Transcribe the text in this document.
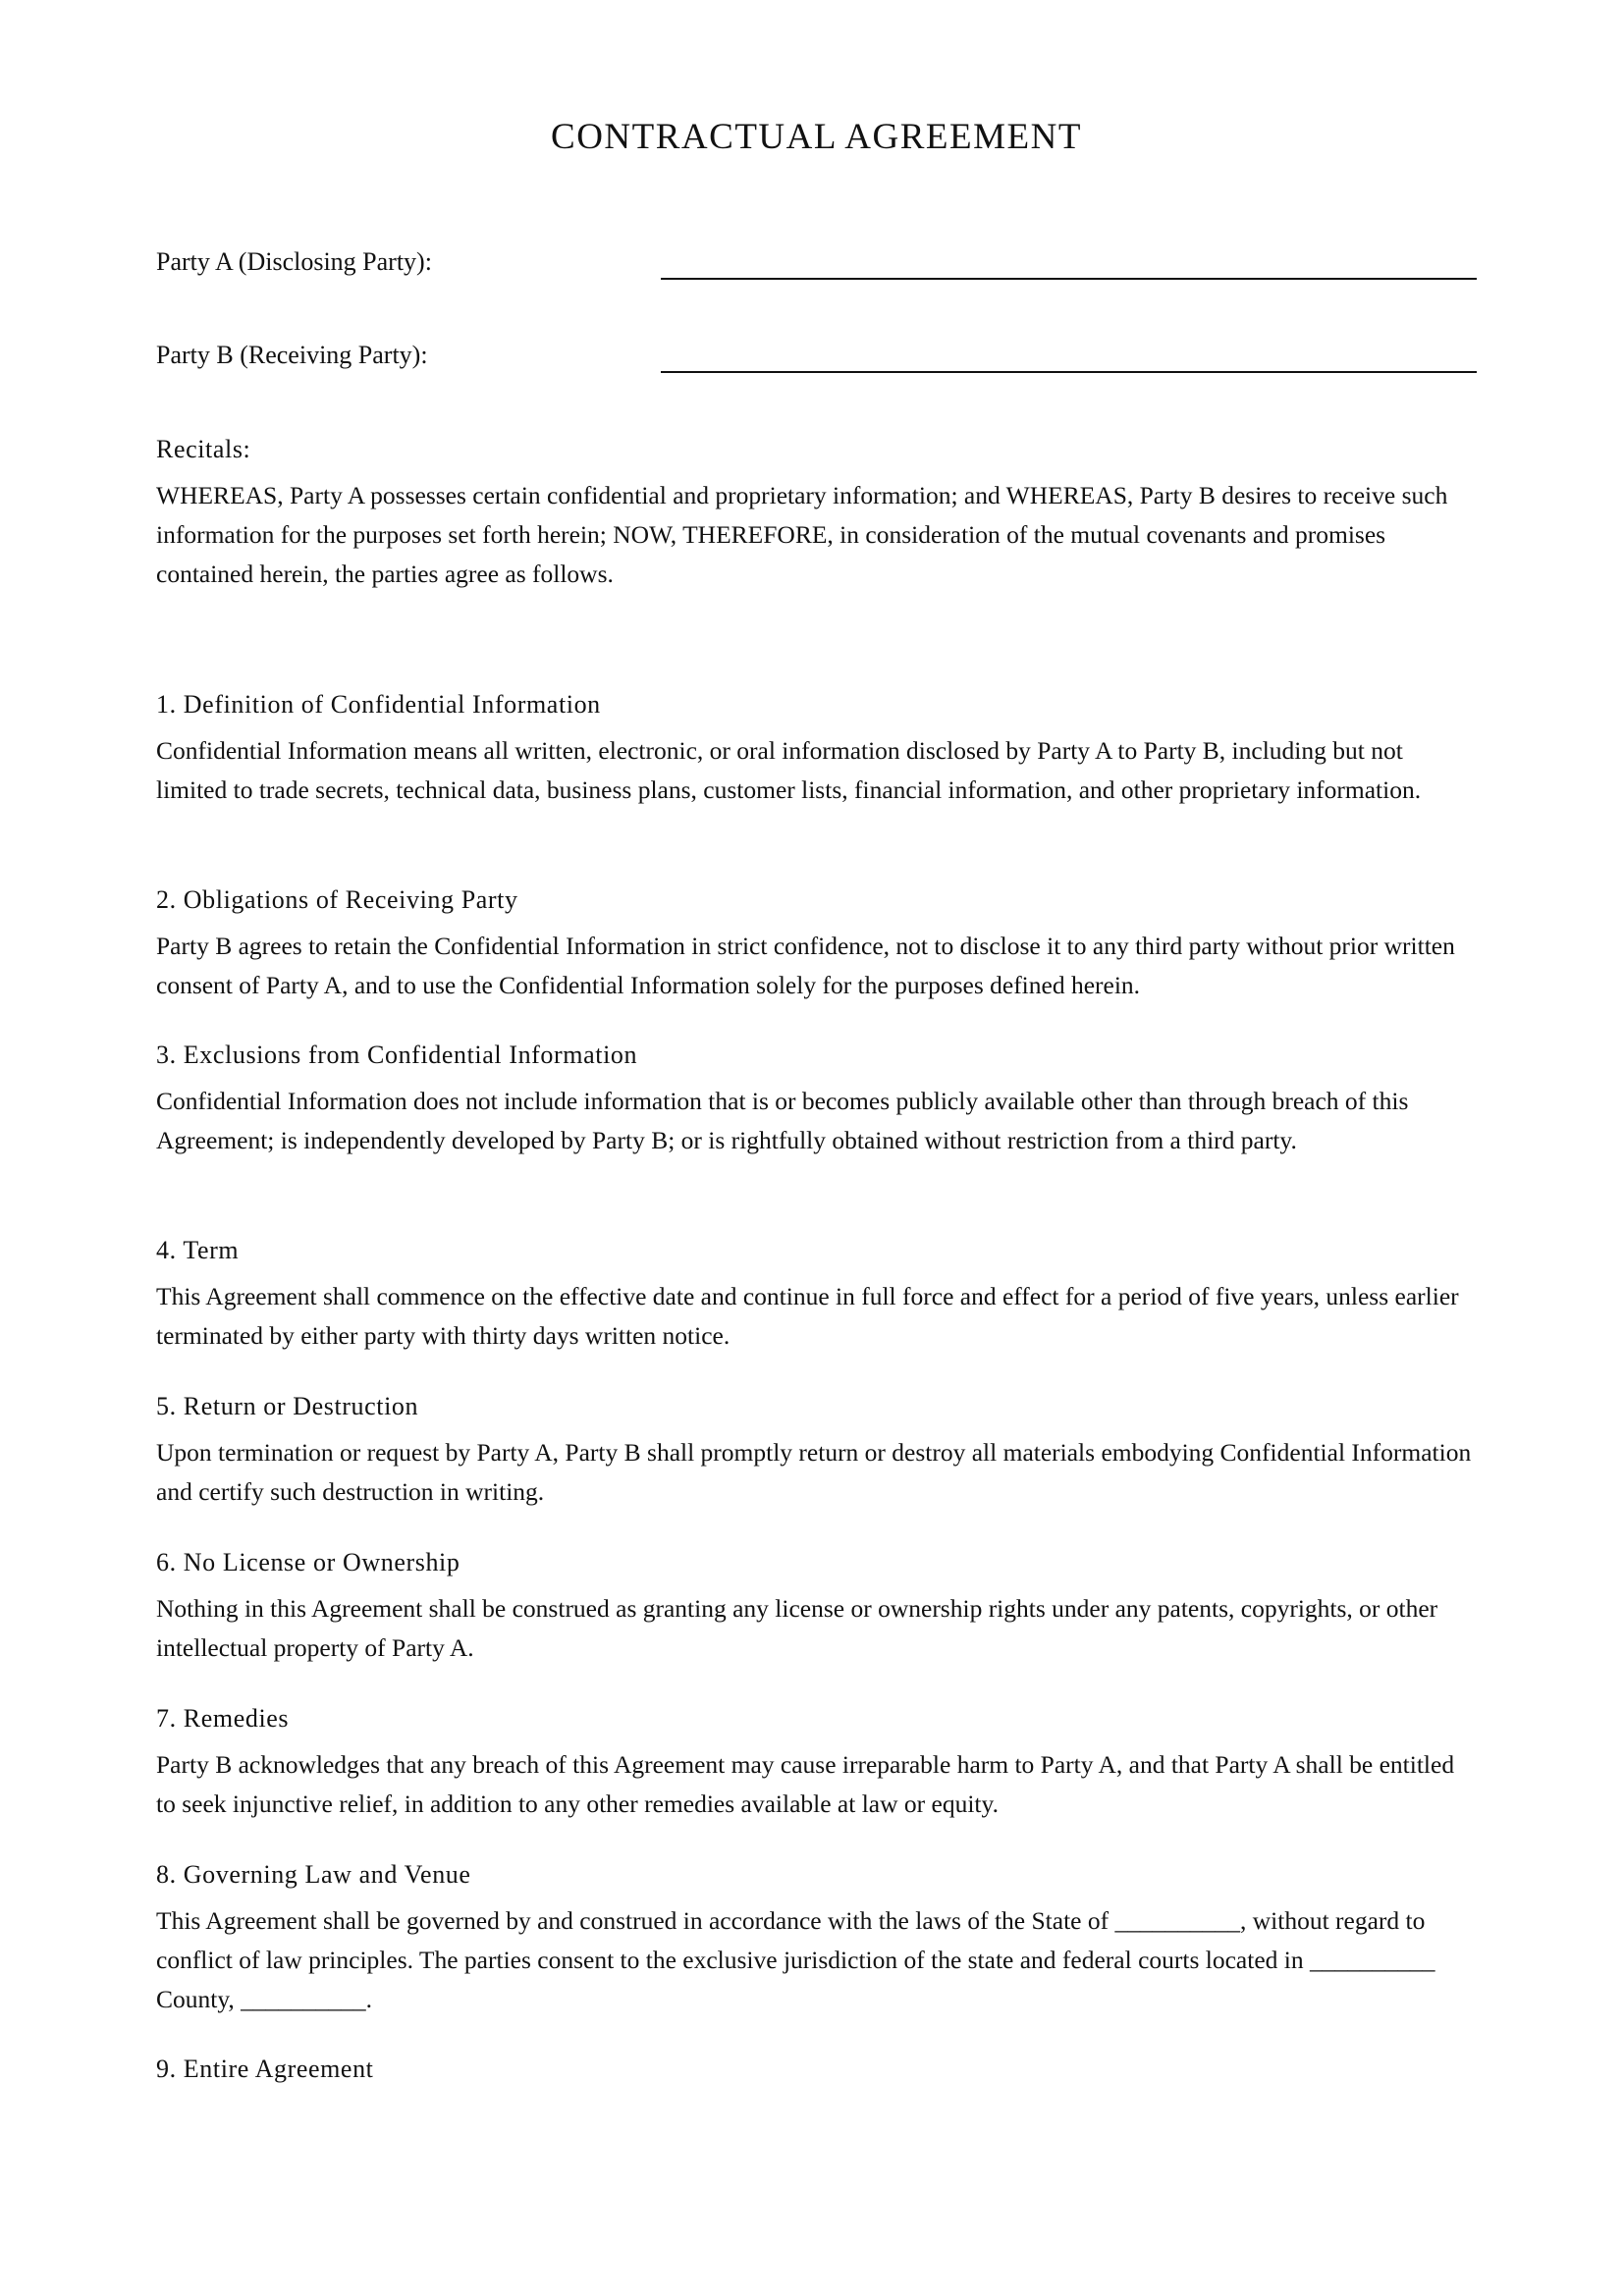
CONTRACTUAL AGREEMENT
Party A (Disclosing Party):
Party B (Receiving Party):

Recitals:

WHEREAS, Party A possesses certain confidential and proprietary information; and WHEREAS, Party B desires to receive such information for the purposes set forth herein; NOW, THEREFORE, in consideration of the mutual covenants and promises contained herein, the parties agree as follows.

1. Definition of Confidential Information

Confidential Information means all written, electronic, or oral information disclosed by Party A to Party B, including but not limited to trade secrets, technical data, business plans, customer lists, financial information, and other proprietary information.

2. Obligations of Receiving Party

Party B agrees to retain the Confidential Information in strict confidence, not to disclose it to any third party without prior written consent of Party A, and to use the Confidential Information solely for the purposes defined herein.

3. Exclusions from Confidential Information

Confidential Information does not include information that is or becomes publicly available other than through breach of this Agreement; is independently developed by Party B; or is rightfully obtained without restriction from a third party.

4. Term

This Agreement shall commence on the effective date and continue in full force and effect for a period of five years, unless earlier terminated by either party with thirty days written notice.

5. Return or Destruction

Upon termination or request by Party A, Party B shall promptly return or destroy all materials embodying Confidential Information and certify such destruction in writing.

6. No License or Ownership

Nothing in this Agreement shall be construed as granting any license or ownership rights under any patents, copyrights, or other intellectual property of Party A.

7. Remedies

Party B acknowledges that any breach of this Agreement may cause irreparable harm to Party A, and that Party A shall be entitled to seek injunctive relief, in addition to any other remedies available at law or equity.

8. Governing Law and Venue

This Agreement shall be governed by and construed in accordance with the laws of the State of __________, without regard to conflict of law principles. The parties consent to the exclusive jurisdiction of the state and federal courts located in __________ County, __________.

9. Entire Agreement
